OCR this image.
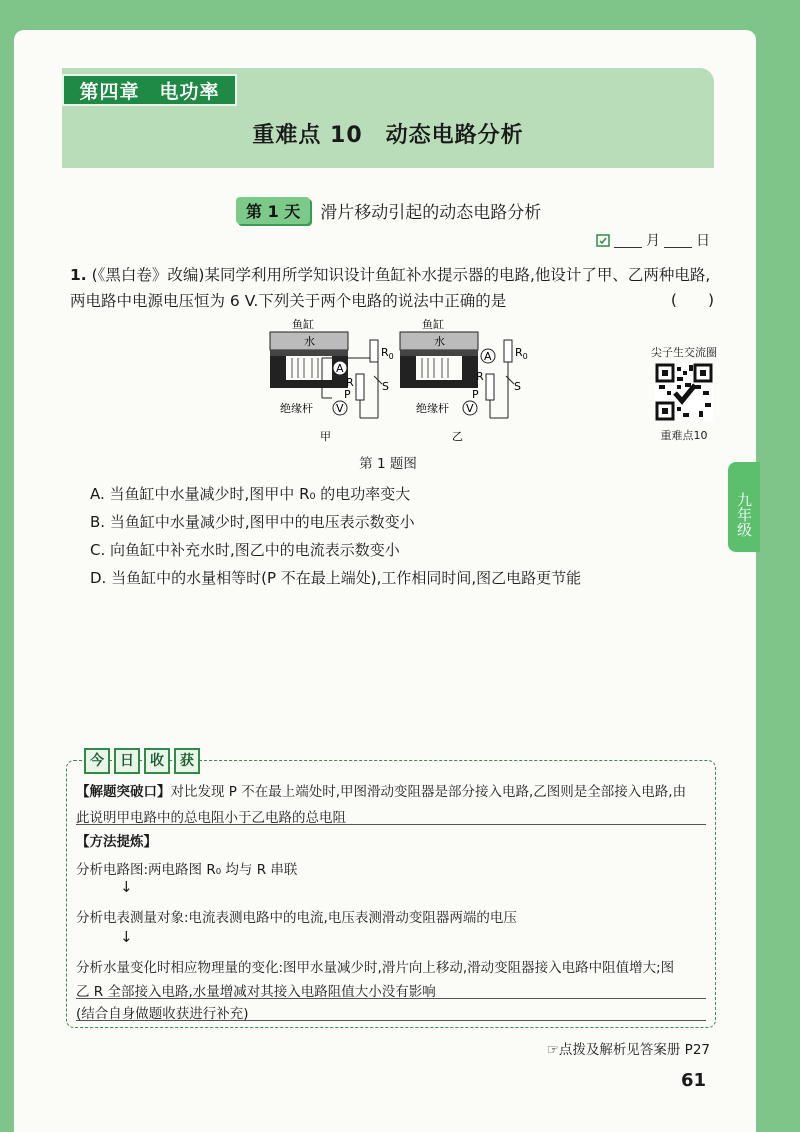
第四章　电功率
重难点 10　动态电路分析
第 1 天	滑片移动引起的动态电路分析
月	日
1. (《黑白卷》改编)某同学利用所学知识设计鱼缸补水提示器的电路,他设计了甲、乙两种电路,两电路中电源电压恒为 6 V.下列关于两个电路的说法中正确的是	(　　)
鱼缸
水
A
$R_0$
R
P
S
V
绝缘杆
甲
鱼缸
水
A $R_0$
R
P
S
V
绝缘杆
乙
第 1 题图
尖子生交流圈
重难点10
A. 当鱼缸中水量减少时,图甲中 R₀ 的电功率变大
B. 当鱼缸中水量减少时,图甲中的电压表示数变小
C. 向鱼缸中补充水时,图乙中的电流表示数变小
D. 当鱼缸中的水量相等时(P 不在最上端处),工作相同时间,图乙电路更节能
九年级
今	日	收	获
【解题突破口】对比发现 P 不在最上端处时,甲图滑动变阻器是部分接入电路,乙图则是全部接入电路,由
此说明甲电路中的总电阻小于乙电路的总电阻
【方法提炼】
分析电路图:两电路图 R₀ 均与 R 串联
↓
分析电表测量对象:电流表测电路中的电流,电压表测滑动变阻器两端的电压
↓
分析水量变化时相应物理量的变化:图甲水量减少时,滑片向上移动,滑动变阻器接入电路中阻值增大;图
乙 R 全部接入电路,水量增减对其接入电路阻值大小没有影响
(结合自身做题收获进行补充)
☞点拨及解析见答案册 P27
61
